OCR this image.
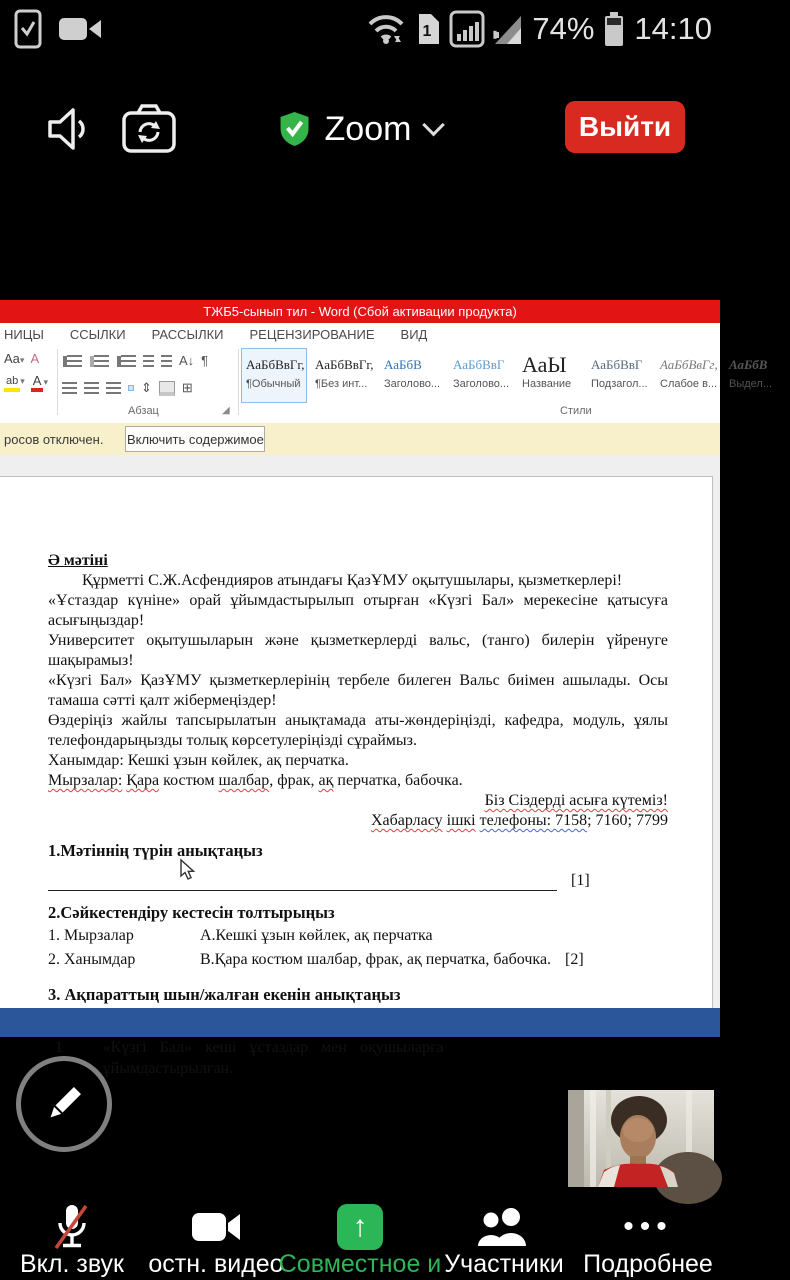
1	74% 14:10
Zoom	Выйти
ТЖБ5-сынып тил - Word (Сбой активации продукта)
НИЦЫ ССЫЛКИ РАССЫЛКИ РЕЦЕНЗИРОВАНИЕ ВИД
Aa▾ А
ab ▾ А ▾
А↓ ¶
⇕ ⊞
Абзац	◢
АаБбВвГг,
¶Обычный
АаБбВвГг,
¶Без инт...
АаБбВ
Заголово...
АаБбВвГ
Заголово...
АаЫ
Название
АаБбВвГ
Подзагол...
АаБбВвГг,
Слабое в...
АаБбВ
Выдел...
Стили
росов отключен. Включить содержимое
Ә мәтіні
Құрметті С.Ж.Асфендияров атындағы ҚазҰМУ оқытушылары, қызметкерлері!
«Ұстаздар күніне» орай ұйымдастырылып отырған «Күзгі Бал» мерекесіне қатысуға асығыңыздар!
Университет оқытушыларын және қызметкерлерді вальс, (танго) билерін үйренуге шақырамыз!
«Күзгі Бал» ҚазҰМУ қызметкерлерінің тербеле билеген Вальс биімен ашылады. Осы тамаша сәтті қалт жібермеңіздер!
Өздеріңіз жайлы тапсырылатын анықтамада аты-жөндеріңізді, кафедра, модуль, ұялы телефондарыңызды толық көрсетулеріңізді сұраймыз.
Ханымдар: Кешкі ұзын көйлек, ақ перчатка.
Мырзалар: Қара костюм шалбар, фрак, ақ перчатка, бабочка.
Біз Сіздерді асыға күтеміз!
Хабарласу ішкі телефоны: 7158; 7160; 7799
1.Мәтіннің түрін анықтаңыз
[1]
2.Сәйкестендіру кестесін толтырыңыз
1. Мырзалар	А.Кешкі ұзын көйлек, ақ перчатка
2. Ханымдар	В.Қара костюм шалбар, фрак, ақ перчатка, бабочка. [2]
3. Ақпараттың шын/жалған екенін анықтаңыз

1	«Күзгі Бал» кеші ұстаздар мен оқушыларға ұйымдастырылған.		
Вкл. звук остн. видео
↑
Совместное и Участники
•••
Подробнее
